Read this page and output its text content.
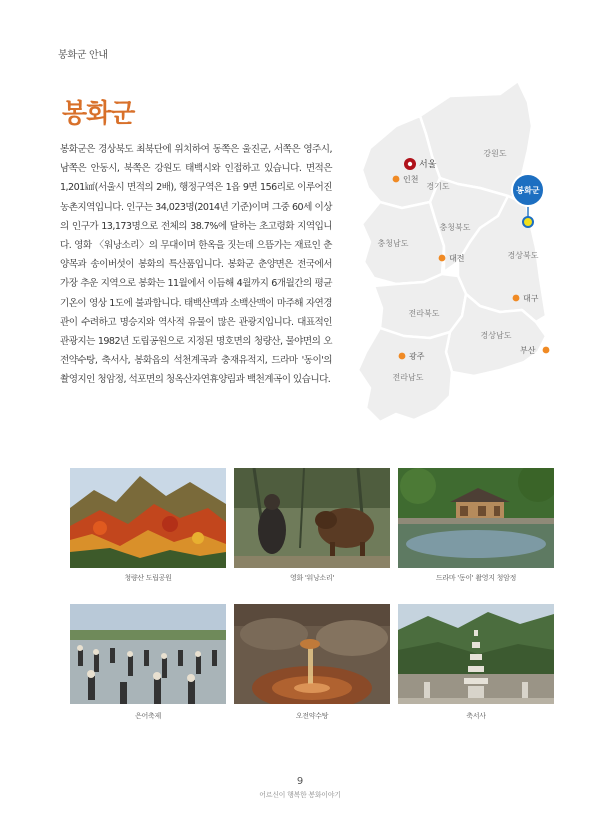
봉화군 안내
봉화군

봉화군은 경상북도 최북단에 위치하여 동쪽은 울진군, 서쪽은 영주시, 남쪽은 안동시, 북쪽은 강원도 태백시와 인접하고 있습니다. 면적은 1,201㎢(서울시 면적의 2배), 행정구역은 1읍 9면 156리로 이루어진 농촌지역입니다. 인구는 34,023명(2014년 기준)이며 그중 60세 이상의 인구가 13,173명으로 전체의 38.7%에 달하는 초고령화 지역입니다. 영화 〈워낭소리〉의 무대이며 한옥을 짓는데 으뜸가는 재료인 춘양목과 송이버섯이 봉화의 특산품입니다. 봉화군 춘양면은 전국에서 가장 추운 지역으로 봉화는 11월에서 이듬해 4월까지 6개월간의 평균 기온이 영상 1도에 불과합니다. 태백산맥과 소백산맥이 마주해 자연경관이 수려하고 명승지와 역사적 유물이 많은 관광지입니다. 대표적인 관광지는 1982년 도립공원으로 지정된 명호면의 청량산, 물야면의 오전약수탕, 축서사, 봉화읍의 석천계곡과 충재유적지, 드라마 '동이'의 촬영지인 청암정, 석포면의 청옥산자연휴양림과 백천계곡이 있습니다.

봉화군
서울
강원도
경기도
충청북도
충청남도
경상북도
전라북도
경상남도
전라남도
인천
대전
대구
광주
부산
청량산 도립공원	영화 '워낭소리'	드라마 '동이' 촬영지 청암정
은어축제	오전약수탕	축서사
9
어르신이 행복한 봉화이야기
